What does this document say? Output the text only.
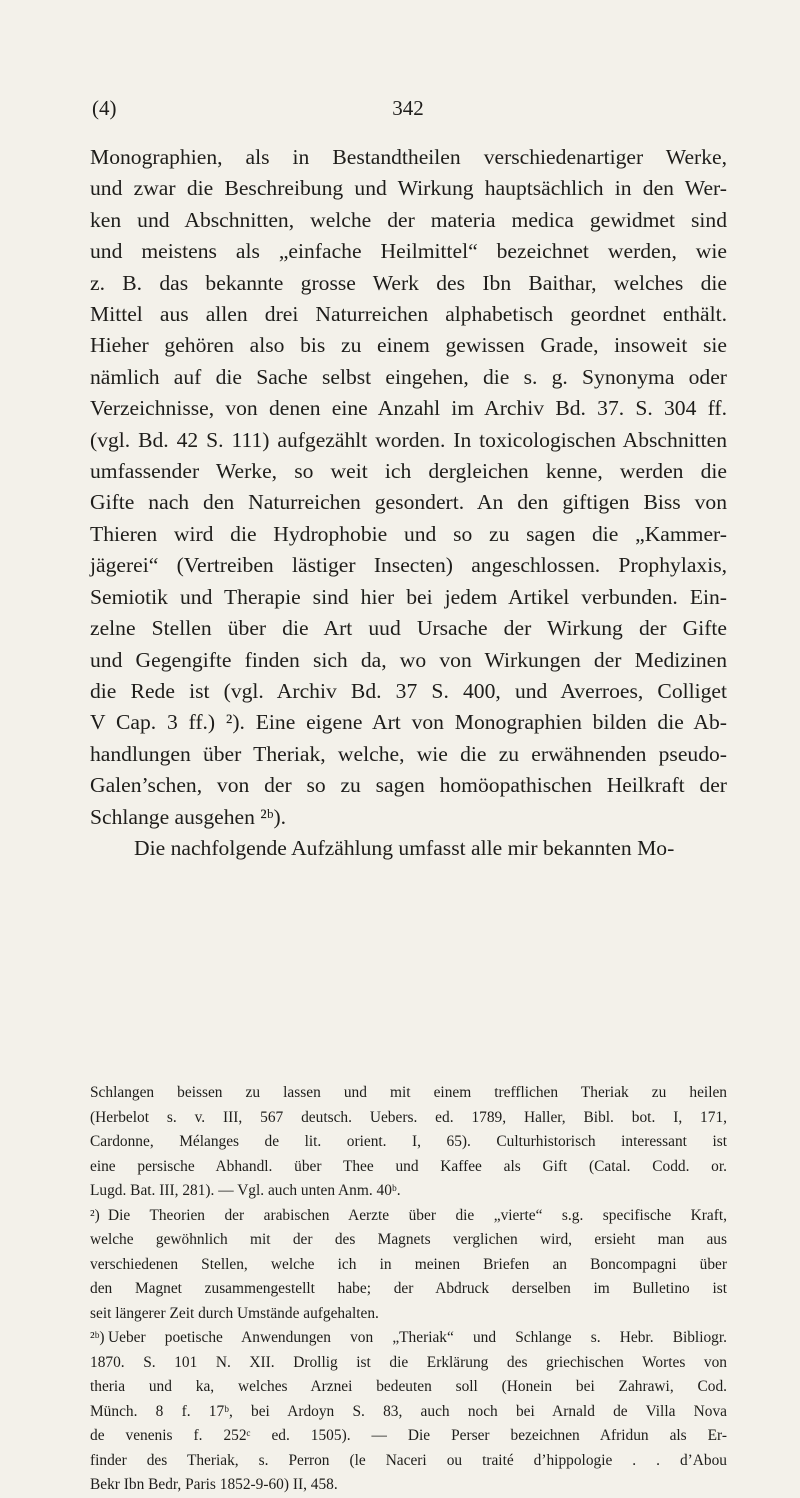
(4)	342
Monographien, als in Bestandtheilen verschiedenartiger Werke,
und zwar die Beschreibung und Wirkung hauptsächlich in den Wer-
ken und Abschnitten, welche der materia medica gewidmet sind
und meistens als „einfache Heilmittel“ bezeichnet werden, wie
z. B. das bekannte grosse Werk des Ibn Baithar, welches die
Mittel aus allen drei Naturreichen alphabetisch geordnet enthält.
Hieher gehören also bis zu einem gewissen Grade, insoweit sie
nämlich auf die Sache selbst eingehen, die s. g. Synonyma oder
Verzeichnisse, von denen eine Anzahl im Archiv Bd. 37. S. 304 ff.
(vgl. Bd. 42 S. 111) aufgezählt worden. In toxicologischen Abschnitten
umfassender Werke, so weit ich dergleichen kenne, werden die
Gifte nach den Naturreichen gesondert. An den giftigen Biss von
Thieren wird die Hydrophobie und so zu sagen die „Kammer-
jägerei“ (Vertreiben lästiger Insecten) angeschlossen. Prophylaxis,
Semiotik und Therapie sind hier bei jedem Artikel verbunden. Ein-
zelne Stellen über die Art uud Ursache der Wirkung der Gifte
und Gegengifte finden sich da, wo von Wirkungen der Medizinen
die Rede ist (vgl. Archiv Bd. 37 S. 400, und Averroes, Colliget
V Cap. 3 ff.) ²). Eine eigene Art von Monographien bilden die Ab-
handlungen über Theriak, welche, wie die zu erwähnenden pseudo-
Galen’schen, von der so zu sagen homöopathischen Heilkraft der
Schlange ausgehen ²ᵇ).
Die nachfolgende Aufzählung umfasst alle mir bekannten Mo-
Schlangen beissen zu lassen und mit einem trefflichen Theriak zu heilen
(Herbelot s. v. III, 567 deutsch. Uebers. ed. 1789, Haller, Bibl. bot. I, 171,
Cardonne, Mélanges de lit. orient. I, 65). Culturhistorisch interessant ist
eine persische Abhandl. über Thee und Kaffee als Gift (Catal. Codd. or.
Lugd. Bat. III, 281). — Vgl. auch unten Anm. 40ᵇ.
²) Die Theorien der arabischen Aerzte über die „vierte“ s.g. specifische Kraft,
welche gewöhnlich mit der des Magnets verglichen wird, ersieht man aus
verschiedenen Stellen, welche ich in meinen Briefen an Boncompagni über
den Magnet zusammengestellt habe; der Abdruck derselben im Bulletino ist
seit längerer Zeit durch Umstände aufgehalten.
²ᵇ) Ueber poetische Anwendungen von „Theriak“ und Schlange s. Hebr. Bibliogr.
1870. S. 101 N. XII. Drollig ist die Erklärung des griechischen Wortes von
theria und ka, welches Arznei bedeuten soll (Honein bei Zahrawi, Cod.
Münch. 8 f. 17ᵇ, bei Ardoyn S. 83, auch noch bei Arnald de Villa Nova
de venenis f. 252ᶜ ed. 1505). — Die Perser bezeichnen Afridun als Er-
finder des Theriak, s. Perron (le Naceri ou traité d’hippologie . . d’Abou
Bekr Ibn Bedr, Paris 1852-9-60) II, 458.
